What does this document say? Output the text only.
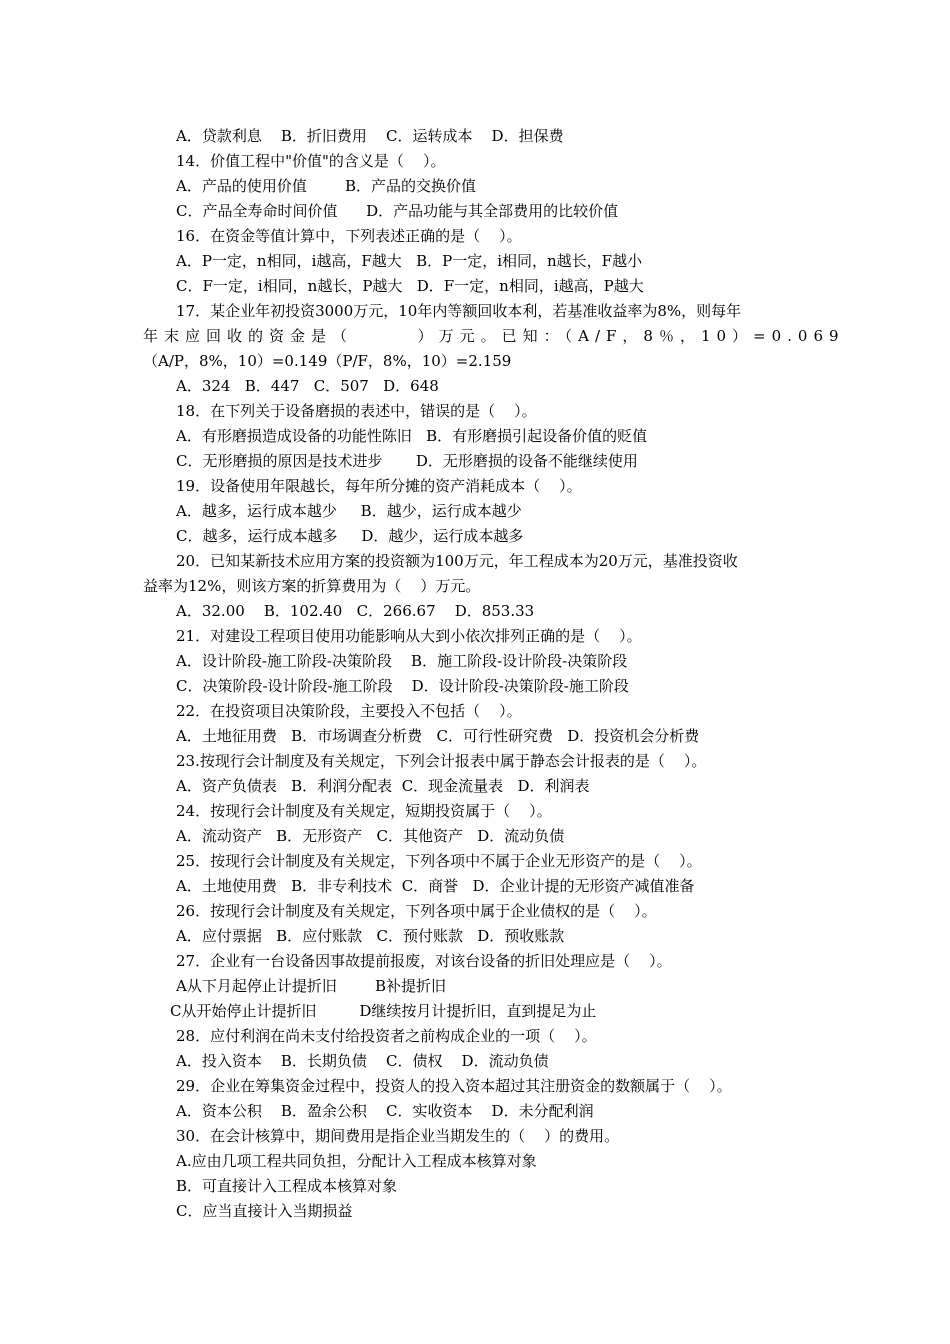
A．贷款利息    B．折旧费用    C．运转成本    D．担保费
14．价值工程中"价值"的含义是（    ）。
A．产品的使用价值        B．产品的交换价值
C．产品全寿命时间价值      D．产品功能与其全部费用的比较价值
16．在资金等值计算中，下列表述正确的是（    ）。
A．P一定，n相同，i越高，F越大   B．P一定，i相同，n越长，F越小
C．F一定，i相同，n越长，P越大   D．F一定，n相同，i越高，P越大
17．某企业年初投资3000万元，10年内等额回收本利，若基准收益率为8%，则每年
年末应回收的资金是（      ）万元。已知：（A/F，8％，10）=0.069
（A/P，8%，10）=0.149（P/F，8%，10）=2.159
A．324   B．447   C．507   D．648
18．在下列关于设备磨损的表述中，错误的是（    ）。
A．有形磨损造成设备的功能性陈旧   B．有形磨损引起设备价值的贬值
C．无形磨损的原因是技术进步       D．无形磨损的设备不能继续使用
19．设备使用年限越长，每年所分摊的资产消耗成本（    ）。
A．越多，运行成本越少     B．越少，运行成本越少
C．越多，运行成本越多     D．越少，运行成本越多
20．已知某新技术应用方案的投资额为100万元，年工程成本为20万元，基准投资收
益率为12%，则该方案的折算费用为（    ）万元。
A．32.00    B．102.40   C．266.67    D．853.33
21．对建设工程项目使用功能影响从大到小依次排列正确的是（    ）。
A．设计阶段-施工阶段-决策阶段    B．施工阶段-设计阶段-决策阶段
C．决策阶段-设计阶段-施工阶段    D．设计阶段-决策阶段-施工阶段
22．在投资项目决策阶段，主要投入不包括（    ）。
A．土地征用费   B．市场调查分析费   C．可行性研究费   D．投资机会分析费
23.按现行会计制度及有关规定，下列会计报表中属于静态会计报表的是（    ）。
A．资产负债表   B．利润分配表  C．现金流量表   D．利润表
24．按现行会计制度及有关规定，短期投资属于（    ）。
A．流动资产   B．无形资产   C．其他资产   D．流动负债
25．按现行会计制度及有关规定，下列各项中不属于企业无形资产的是（    ）。
A．土地使用费   B．非专利技术  C．商誉   D．企业计提的无形资产减值准备
26．按现行会计制度及有关规定，下列各项中属于企业债权的是（    ）。
A．应付票据   B．应付账款   C．预付账款   D．预收账款
27．企业有一台设备因事故提前报废，对该台设备的折旧处理应是（    ）。
A从下月起停止计提折旧        B补提折旧
C从开始停止计提折旧         D继续按月计提折旧，直到提足为止
28．应付利润在尚未支付给投资者之前构成企业的一项（    ）。
A．投入资本    B．长期负债    C．债权    D．流动负债
29．企业在筹集资金过程中，投资人的投入资本超过其注册资金的数额属于（    ）。
A．资本公积    B．盈余公积    C．实收资本    D．未分配利润
30．在会计核算中，期间费用是指企业当期发生的（    ）的费用。
A.应由几项工程共同负担，分配计入工程成本核算对象
B．可直接计入工程成本核算对象
C．应当直接计入当期损益
